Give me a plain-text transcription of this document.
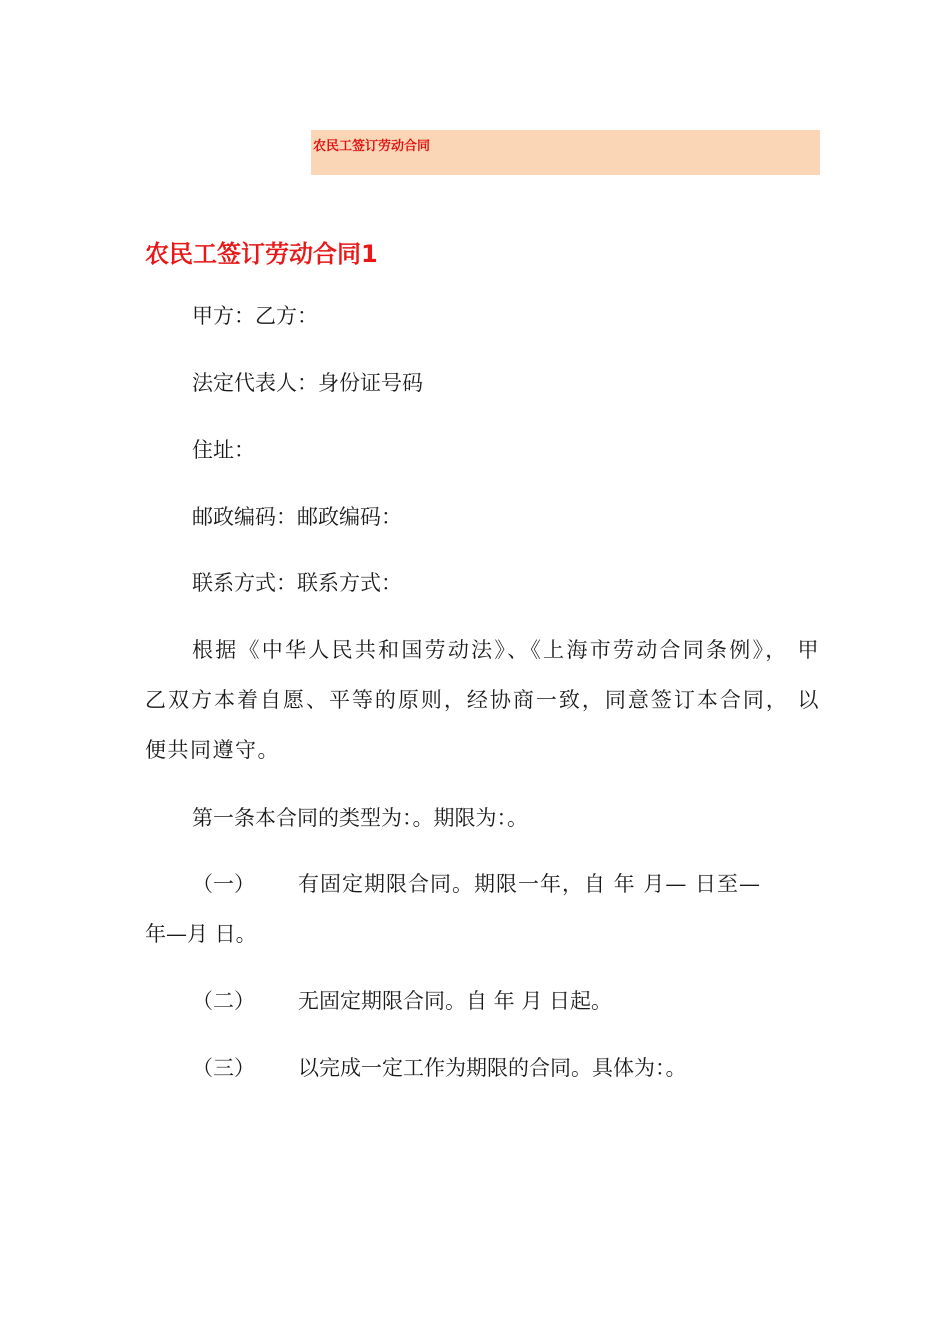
农民工签订劳动合同
农民工签订劳动合同1
甲方：乙方：
法定代表人：身份证号码
住址：
邮政编码：邮政编码：
联系方式：联系方式：
根据《中华人民共和国劳动法》、《上海市劳动合同条例》， 甲乙双方本着自愿、平等的原则，经协商一致，同意签订本合同， 以便共同遵守。
第一条本合同的类型为：。期限为：。
（一） 有固定期限合同。期限一年，自 年 月— 日至—
年—月 日。
（二） 无固定期限合同。自 年 月 日起。
（三） 以完成一定工作为期限的合同。具体为：。
